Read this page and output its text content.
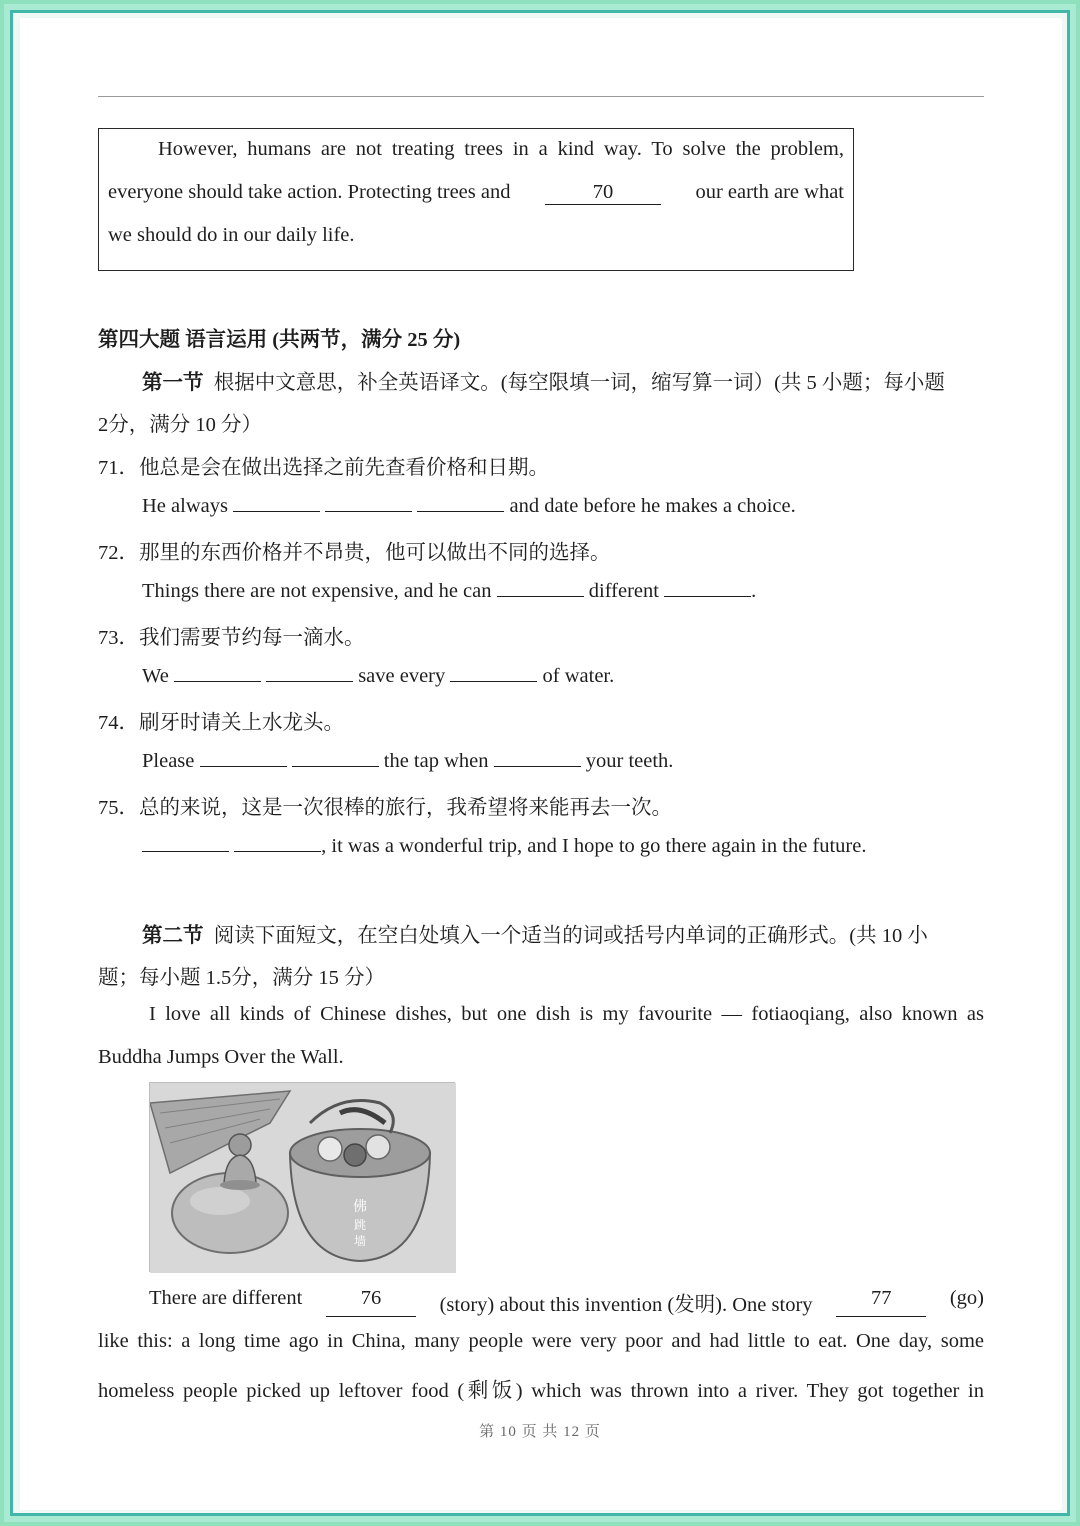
However, humans are not treating trees in a kind way. To solve the problem,
everyone should take action. Protecting trees and	70	our earth are what
we should do in our daily life.
第四大题 语言运用 (共两节，满分 25 分)
第一节 根据中文意思，补全英语译文。(每空限填一词，缩写算一词）(共 5 小题；每小题
2分，满分 10 分）
71．他总是会在做出选择之前先查看价格和日期。
He always	and date before he makes a choice.
72．那里的东西价格并不昂贵，他可以做出不同的选择。
Things there are not expensive, and he can	different	.
73．我们需要节约每一滴水。
We	save every	of water.
74．刷牙时请关上水龙头。
Please	the tap when	your teeth.
75．总的来说，这是一次很棒的旅行，我希望将来能再去一次。
, it was a wonderful trip, and I hope to go there again in the future.
第二节 阅读下面短文，在空白处填入一个适当的词或括号内单词的正确形式。(共 10 小
题；每小题 1.5分，满分 15 分）
I love all kinds of Chinese dishes, but one dish is my favourite — fotiaoqiang, also known as
Buddha Jumps Over the Wall.
佛
跳
墙
There are different	76	(story) about this invention (发明). One story	77	(go)
like this: a long time ago in China, many people were very poor and had little to eat. One day, some
homeless people picked up leftover food (剩饭) which was thrown into a river. They got together in
第 10 页 共 12 页
